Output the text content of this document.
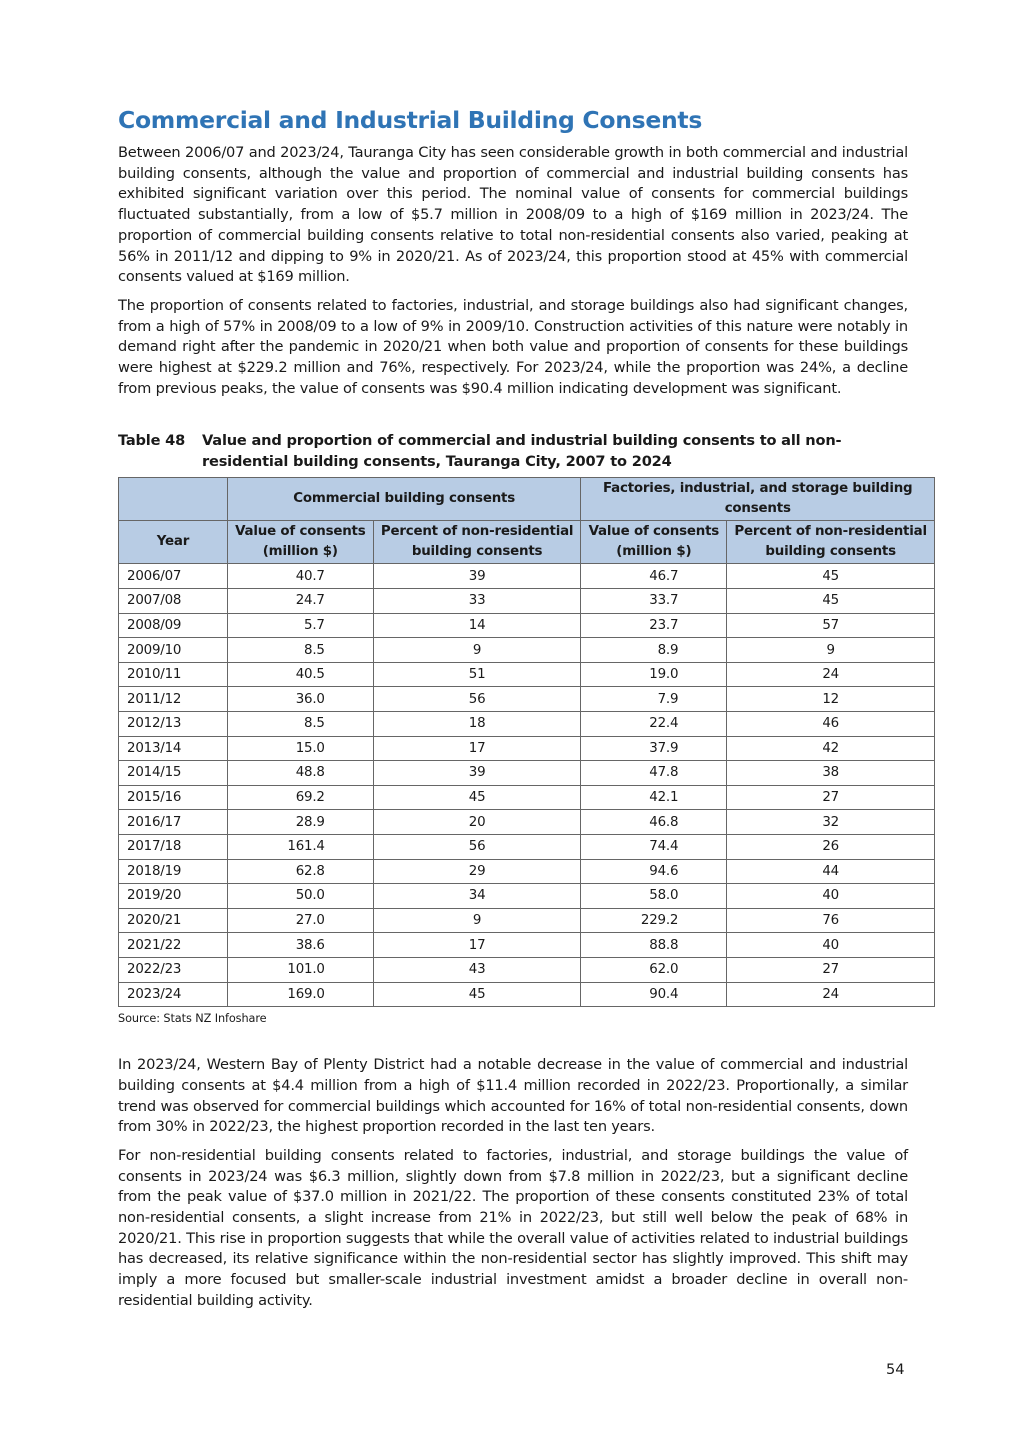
Commercial and Industrial Building Consents

Between 2006/07 and 2023/24, Tauranga City has seen considerable growth in both commercial and industrial building consents, although the value and proportion of commercial and industrial building consents has exhibited significant variation over this period. The nominal value of consents for commercial buildings fluctuated substantially, from a low of $5.7 million in 2008/09 to a high of $169 million in 2023/24. The proportion of commercial building consents relative to total non-residential consents also varied, peaking at 56% in 2011/12 and dipping to 9% in 2020/21. As of 2023/24, this proportion stood at 45% with commercial consents valued at $169 million.

The proportion of consents related to factories, industrial, and storage buildings also had significant changes, from a high of 57% in 2008/09 to a low of 9% in 2009/10. Construction activities of this nature were notably in demand right after the pandemic in 2020/21 when both value and proportion of consents for these buildings were highest at $229.2 million and 76%, respectively. For 2023/24, while the proportion was 24%, a decline from previous peaks, the value of consents was $90.4 million indicating development was significant.

Table 48	Value and proportion of commercial and industrial building consents to all non-residential building consents, Tauranga City, 2007 to 2024
	Commercial building consents		Factories, industrial, and storage building consents	
Year	Value of consents (million $)	Percent of non-residential building consents	Value of consents (million $)	Percent of non-residential building consents
2006/07	40.7	39	46.7	45
2007/08	24.7	33	33.7	45
2008/09	5.7	14	23.7	57
2009/10	8.5	9	8.9	9
2010/11	40.5	51	19.0	24
2011/12	36.0	56	7.9	12
2012/13	8.5	18	22.4	46
2013/14	15.0	17	37.9	42
2014/15	48.8	39	47.8	38
2015/16	69.2	45	42.1	27
2016/17	28.9	20	46.8	32
2017/18	161.4	56	74.4	26
2018/19	62.8	29	94.6	44
2019/20	50.0	34	58.0	40
2020/21	27.0	9	229.2	76
2021/22	38.6	17	88.8	40
2022/23	101.0	43	62.0	27
2023/24	169.0	45	90.4	24
Source: Stats NZ Infoshare

In 2023/24, Western Bay of Plenty District had a notable decrease in the value of commercial and industrial building consents at $4.4 million from a high of $11.4 million recorded in 2022/23. Proportionally, a similar trend was observed for commercial buildings which accounted for 16% of total non-residential consents, down from 30% in 2022/23, the highest proportion recorded in the last ten years.

For non-residential building consents related to factories, industrial, and storage buildings the value of consents in 2023/24 was $6.3 million, slightly down from $7.8 million in 2022/23, but a significant decline from the peak value of $37.0 million in 2021/22. The proportion of these consents constituted 23% of total non-residential consents, a slight increase from 21% in 2022/23, but still well below the peak of 68% in 2020/21. This rise in proportion suggests that while the overall value of activities related to industrial buildings has decreased, its relative significance within the non-residential sector has slightly improved. This shift may imply a more focused but smaller-scale industrial investment amidst a broader decline in overall non-residential building activity.

54
